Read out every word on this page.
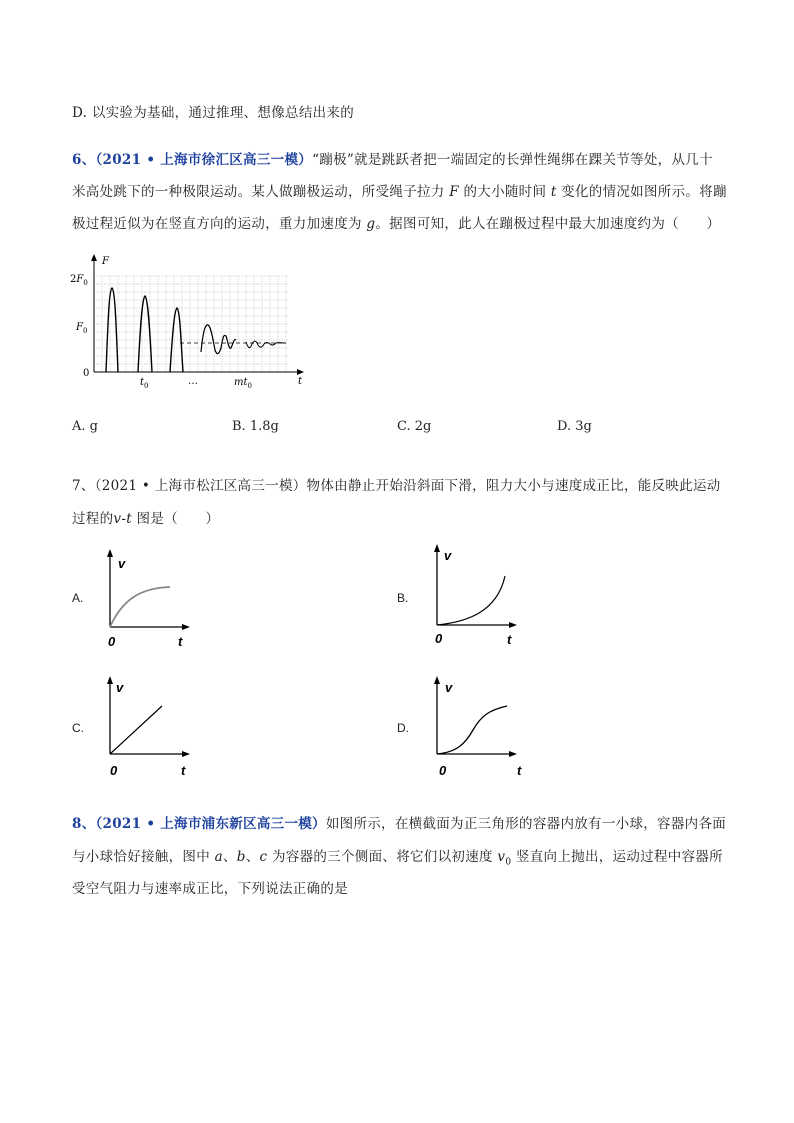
D. 以实验为基础，通过推理、想像总结出来的
6、（2021 • 上海市徐汇区高三一模）“蹦极”就是跳跃者把一端固定的长弹性绳绑在踝关节等处，从几十
米高处跳下的一种极限运动。某人做蹦极运动，所受绳子拉力 F 的大小随时间 t 变化的情况如图所示。将蹦
极过程近似为在竖直方向的运动，重力加速度为 g。据图可知，此人在蹦极过程中最大加速度约为（　　）
F
t
$2F_0$
$F_0$
0
$t_0$	…	$mt_0$
A. g	B. 1.8g	C. 2g	D. 3g
7、（2021 • 上海市松江区高三一模）物体由静止开始沿斜面下滑，阻力大小与速度成正比，能反映此运动
过程的v-t 图是（　　）
A.
v
t
0
B.
v
t
0
C.
v
t
0
D.
v
t
0
8、（2021 • 上海市浦东新区高三一模）如图所示，在横截面为正三角形的容器内放有一小球，容器内各面
与小球恰好接触，图中 a、b、c 为容器的三个侧面、将它们以初速度 $v_0$ 竖直向上抛出，运动过程中容器所
受空气阻力与速率成正比，下列说法正确的是
